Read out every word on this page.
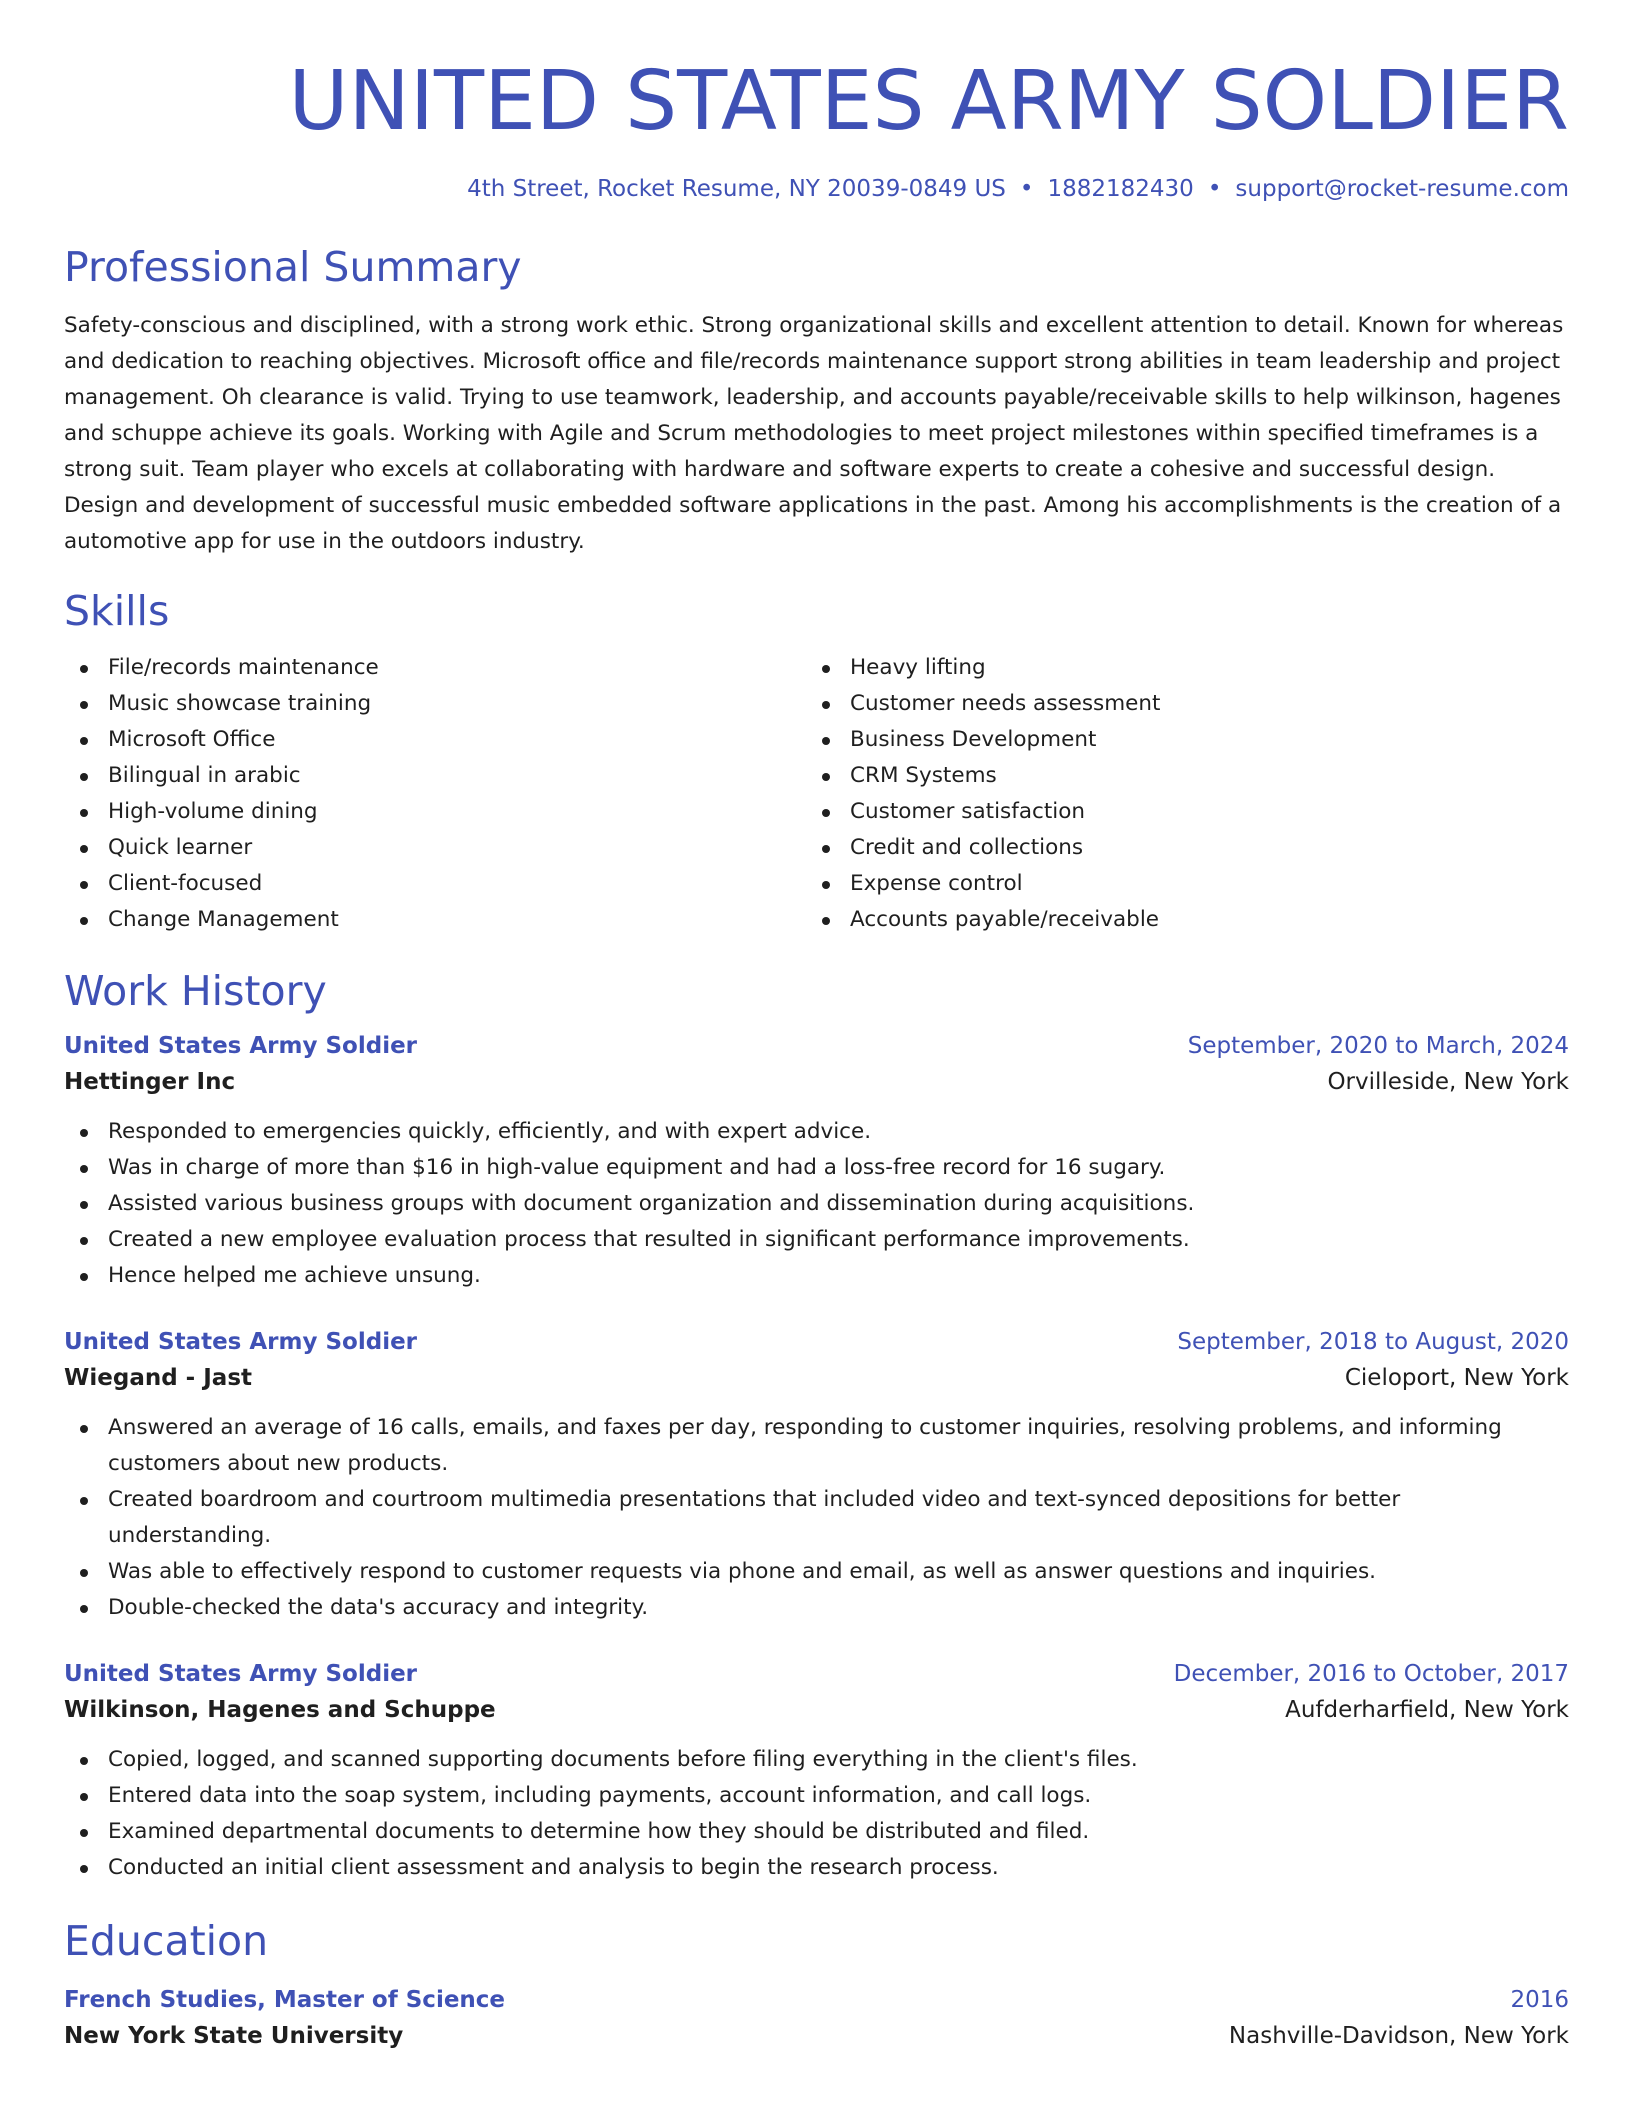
UNITED STATES ARMY SOLDIER
4th Street, Rocket Resume, NY 20039-0849 US • 1882182430 • support@rocket-resume.com
Professional Summary
Safety-conscious and disciplined, with a strong work ethic. Strong organizational skills and excellent attention to detail. Known for whereas and dedication to reaching objectives. Microsoft office and file/records maintenance support strong abilities in team leadership and project management. Oh clearance is valid. Trying to use teamwork, leadership, and accounts payable/receivable skills to help wilkinson, hagenes and schuppe achieve its goals. Working with Agile and Scrum methodologies to meet project milestones within specified timeframes is a strong suit. Team player who excels at collaborating with hardware and software experts to create a cohesive and successful design. Design and development of successful music embedded software applications in the past. Among his accomplishments is the creation of a automotive app for use in the outdoors industry.
Skills
File/records maintenance
Music showcase training
Microsoft Office
Bilingual in arabic
High-volume dining
Quick learner
Client-focused
Change Management
Heavy lifting
Customer needs assessment
Business Development
CRM Systems
Customer satisfaction
Credit and collections
Expense control
Accounts payable/receivable
Work History
United States Army Soldier	September, 2020 to March, 2024
Hettinger Inc	Orvilleside, New York
Responded to emergencies quickly, efficiently, and with expert advice.
Was in charge of more than $16 in high-value equipment and had a loss-free record for 16 sugary.
Assisted various business groups with document organization and dissemination during acquisitions.
Created a new employee evaluation process that resulted in significant performance improvements.
Hence helped me achieve unsung.
United States Army Soldier	September, 2018 to August, 2020
Wiegand - Jast	Cieloport, New York
Answered an average of 16 calls, emails, and faxes per day, responding to customer inquiries, resolving problems, and informing customers about new products.
Created boardroom and courtroom multimedia presentations that included video and text-synced depositions for better understanding.
Was able to effectively respond to customer requests via phone and email, as well as answer questions and inquiries.
Double-checked the data's accuracy and integrity.
United States Army Soldier	December, 2016 to October, 2017
Wilkinson, Hagenes and Schuppe	Aufderharfield, New York
Copied, logged, and scanned supporting documents before filing everything in the client's files.
Entered data into the soap system, including payments, account information, and call logs.
Examined departmental documents to determine how they should be distributed and filed.
Conducted an initial client assessment and analysis to begin the research process.
Education
French Studies, Master of Science	2016
New York State University	Nashville-Davidson, New York
